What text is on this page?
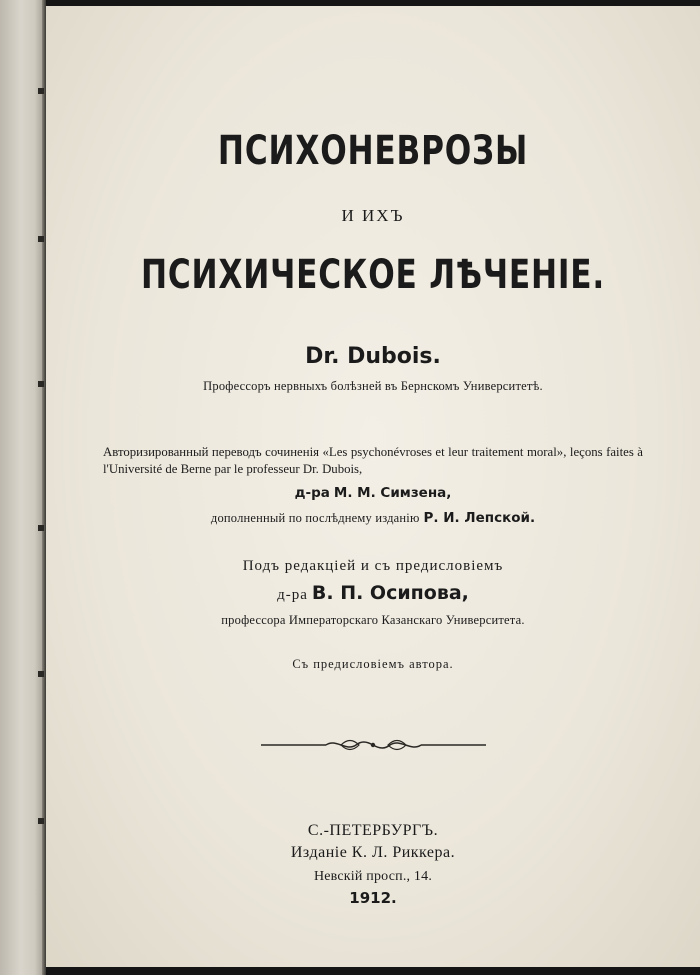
ПСИХОНЕВРОЗЫ
И ИХЪ
ПСИХИЧЕСКОЕ ЛѢЧЕНІЕ.
Dr. Dubois.
Профессоръ нервныхъ болѣзней въ Бернскомъ Университетѣ.
Авторизированный переводъ сочиненія «Les psychonévroses et leur traitement moral», leçons faites à l'Université de Berne par le professeur Dr. Dubois,
д-ра М. М. Симзена,
дополненный по послѣднему изданію Р. И. Лепской.
Подъ редакціей и съ предисловіемъ
д-ра В. П. Осипова,
профессора Императорскаго Казанскаго Университета.
Съ предисловіемъ автора.
С.-ПЕТЕРБУРГЪ.
Изданіе К. Л. Риккера.
Невскій просп., 14.
1912.
